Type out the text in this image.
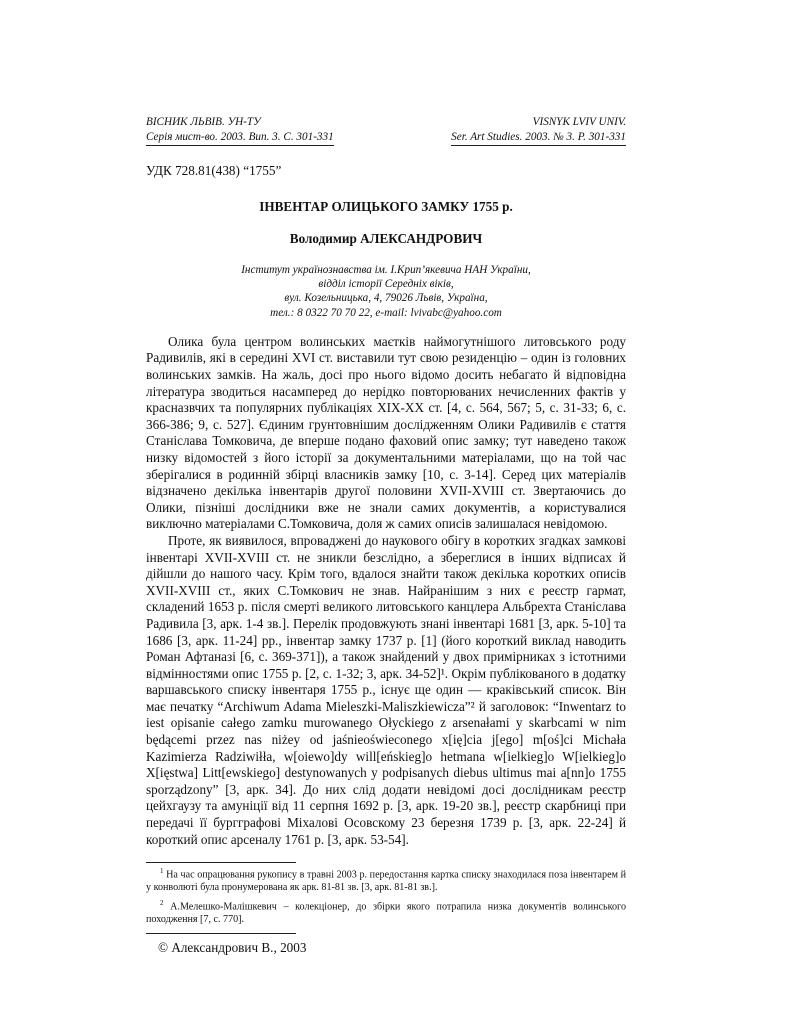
ВІСНИК ЛЬВІВ. УН-ТУ
Серія мист-во. 2003. Вип. 3. С. 301-331
VISNYK LVIV UNIV.
Ser. Art Studies. 2003. № 3. P. 301-331
УДК 728.81(438) “1755”
ІНВЕНТАР ОЛИЦЬКОГО ЗАМКУ 1755 р.
Володимир АЛЕКСАНДРОВИЧ
Інститут українознавства ім. І.Крип’якевича НАН України,
відділ історії Середніх віків,
вул. Козельницька, 4, 79026 Львів, Україна,
тел.: 8 0322 70 70 22, e-mail: lvivabc@yahoo.com

Олика була центром волинських маєтків наймогутнішого литовського роду Радивилів, які в середині XVI ст. виставили тут свою резиденцію – один із головних волинських замків. На жаль, досі про нього відомо досить небагато й відповідна література зводиться насамперед до нерідко повторюваних нечисленних фактів у красназвчих та популярних публікаціях XIX-XX ст. [4, с. 564, 567; 5, с. 31-33; 6, с. 366-386; 9, с. 527]. Єдиним грунтовнішим дослідженням Олики Радивилів є стаття Станіслава Томковича, де вперше подано фаховий опис замку; тут наведено також низку відомостей з його історії за документальними матеріалами, що на той час зберігалися в родинній збірці власників замку [10, с. 3-14]. Серед цих матеріалів відзначено декілька інвентарів другої половини XVII-XVIII ст. Звертаючись до Олики, пізніші дослідники вже не знали самих документів, а користувалися виключно матеріалами С.Томковича, доля ж самих описів залишалася невідомою.

Проте, як виявилося, впроваджені до наукового обігу в коротких згадках замкові інвентарі XVII-XVIII ст. не зникли безслідно, а збереглися в інших відписах й дійшли до нашого часу. Крім того, вдалося знайти також декілька коротких описів XVII-XVIII ст., яких С.Томкович не знав. Найранішим з них є реєстр гармат, складений 1653 р. після смерті великого литовського канцлера Альбрехта Станіслава Радивила [3, арк. 1-4 зв.]. Перелік продовжують знані інвентарі 1681 [3, арк. 5-10] та 1686 [3, арк. 11-24] рр., інвентар замку 1737 р. [1] (його короткий виклад наводить Роман Афтаназі [6, с. 369-371]), а також знайдений у двох примірниках з істотними відмінностями опис 1755 р. [2, с. 1-32; 3, арк. 34-52]¹. Окрім публікованого в додатку варшавського списку інвентаря 1755 р., існує ще один — краківський список. Він має печатку “Archiwum Adama Mieleszki-Maliszkiewicza”² й заголовок: “Inwentarz to iest opisanie całego zamku murowanego Ołyckiego z arsenałami y skarbcami w nim będącemi przez nas niżey od jaśnieoświeconego x[ię]cia j[ego] m[oś]ci Michała Kazimierza Radziwiłła, w[oiewo]dy will[eńskieg]o hetmana w[ielkieg]o W[ielkieg]o X[ięstwa] Litt[ewskiego] destynowanych y podpisanych diebus ultimus mai a[nn]o 1755 sporządzony” [3, арк. 34]. До них слід додати невідомі досі дослідникам реєстр цейхгаузу та амуніції від 11 серпня 1692 р. [3, арк. 19-20 зв.], реєстр скарбниці при передачі її бургграфові Міхалові Осовскому 23 березня 1739 р. [3, арк. 22-24] й короткий опис арсеналу 1761 р. [3, арк. 53-54].

$^1$ На час опрацювання рукопису в травні 2003 р. передостання картка списку знаходилася поза інвентарем й у конволюті була пронумерована як арк. 81-81 зв. [3, арк. 81-81 зв.].

$^2$ А.Мелешко-Малішкевич – колекціонер, до збірки якого потрапила низка документів волинського походження [7, с. 770].

© Александрович В., 2003
